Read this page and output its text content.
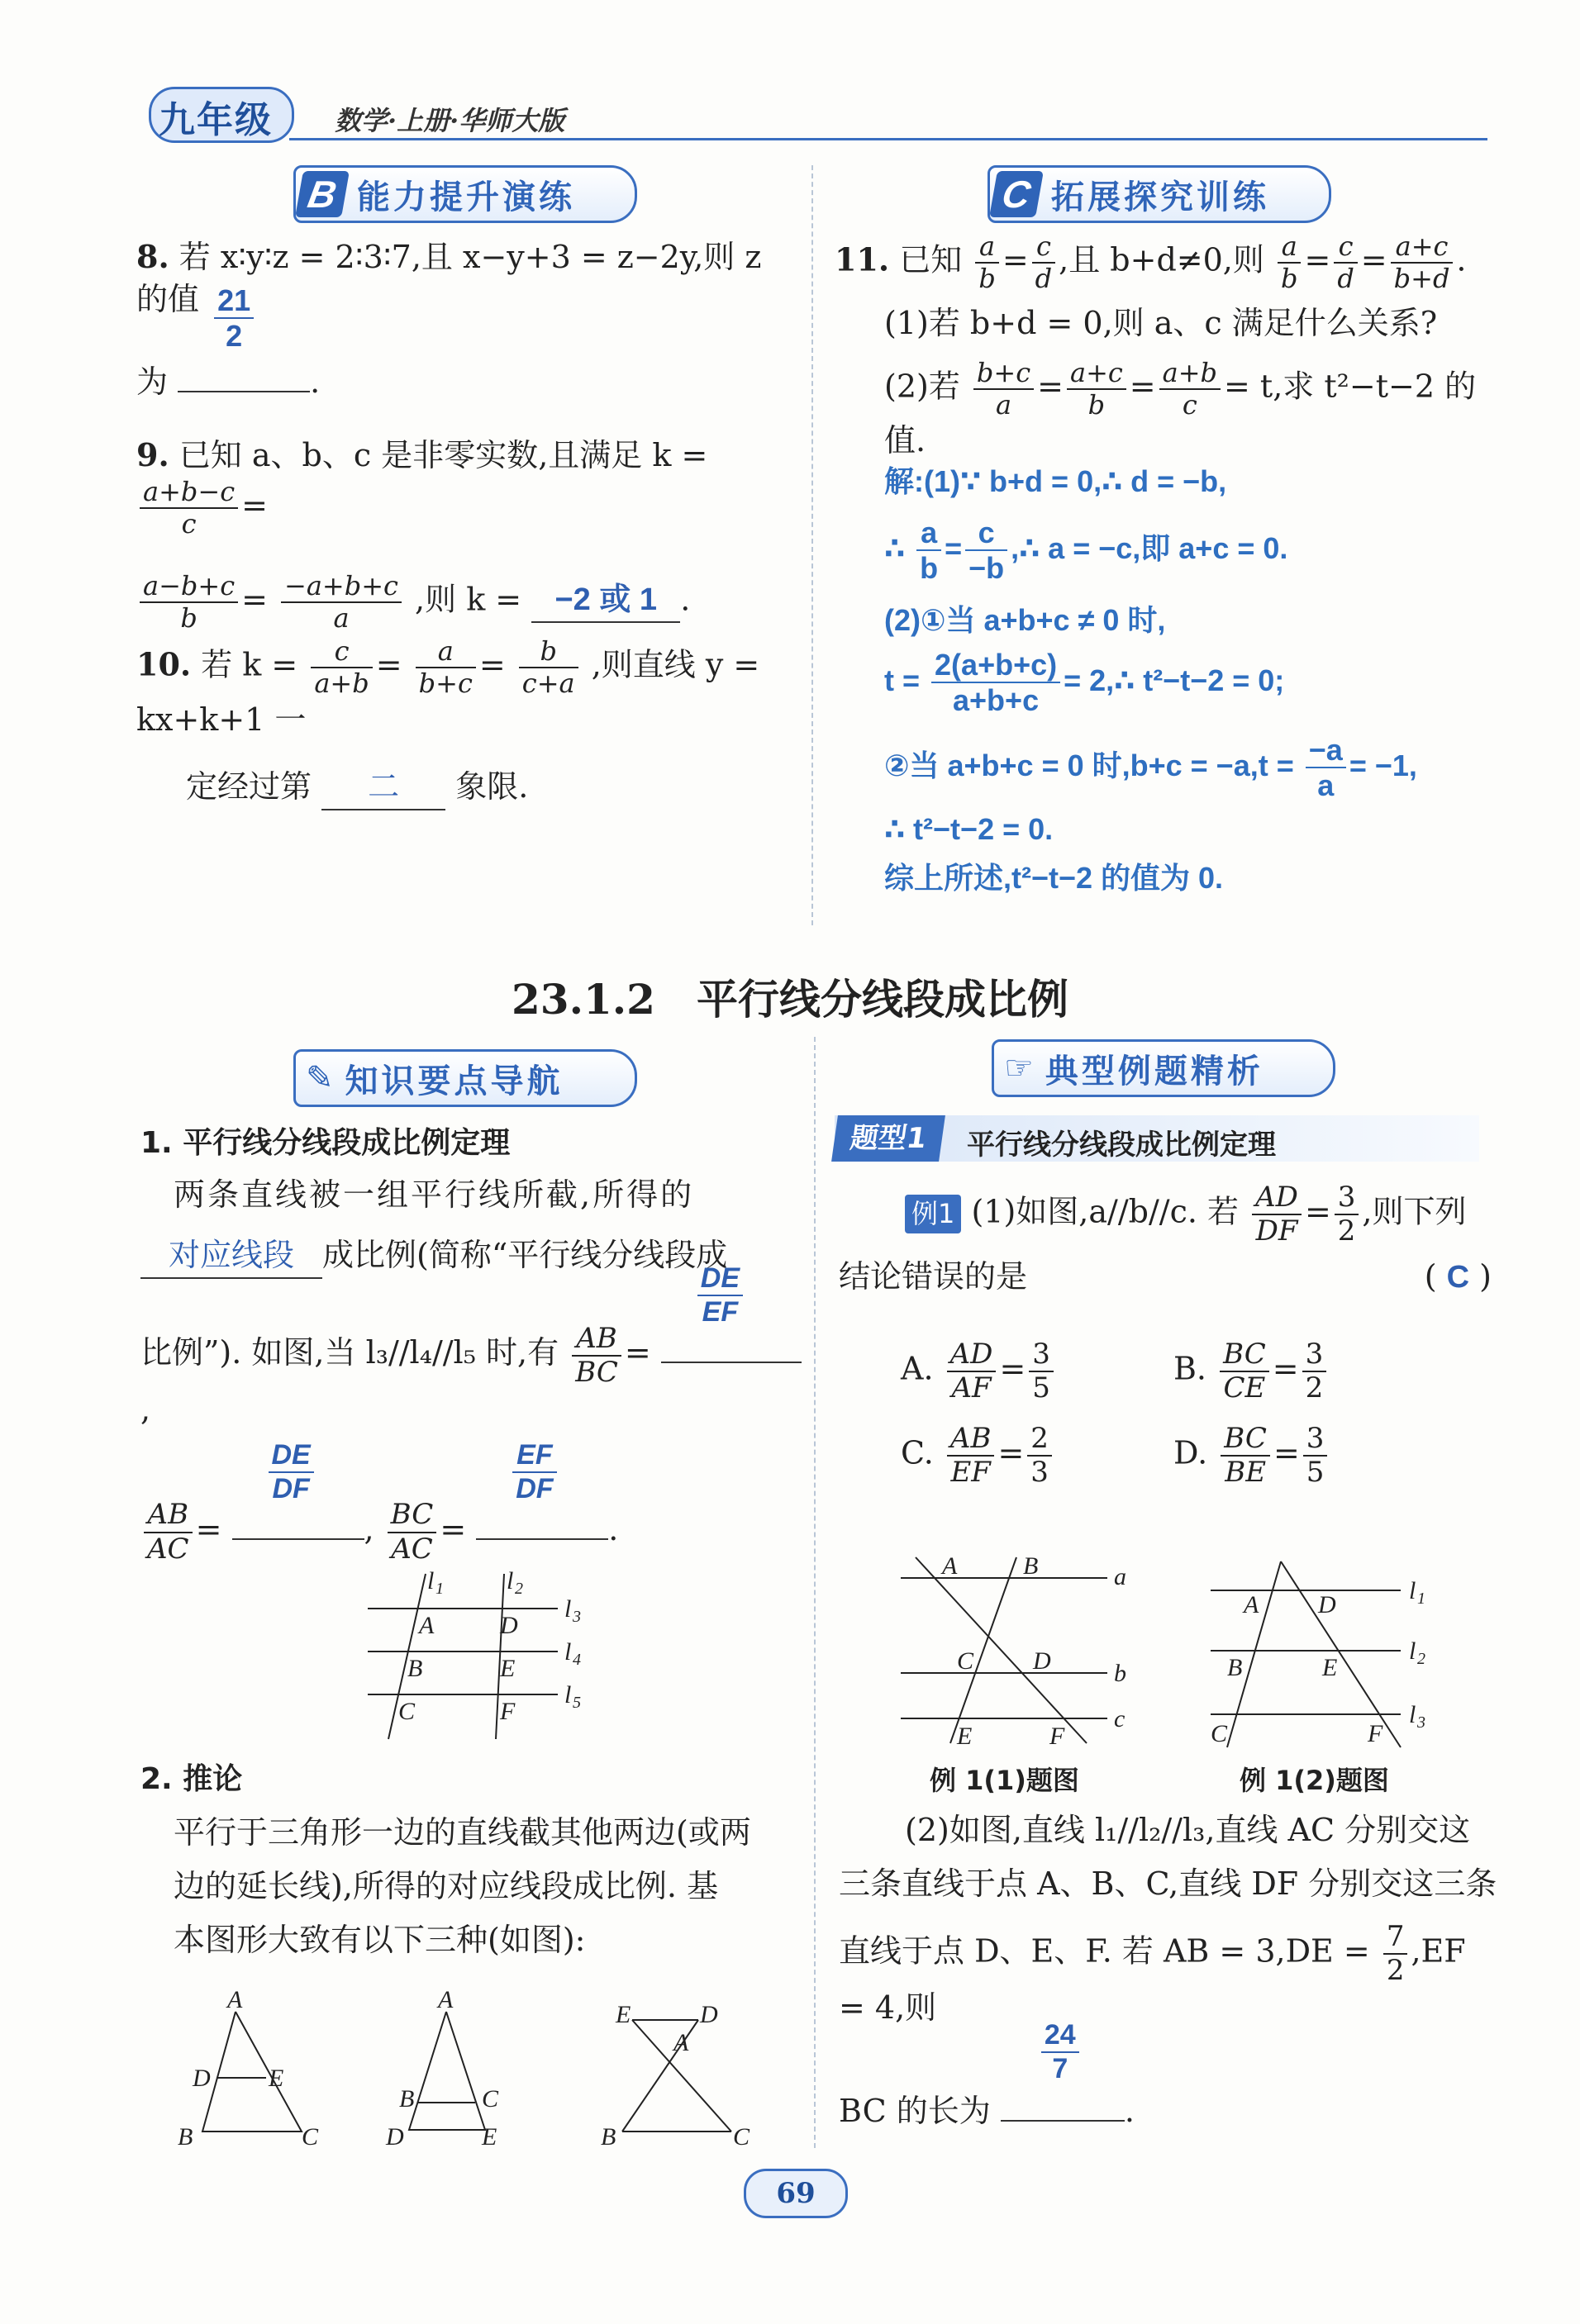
九年级 数学·上册·华师大版
B 能力提升演练	C 拓展探究训练
8. 若 x∶y∶z = 2∶3∶7,且 x−y+3 = z−2y,则 z 的值
为
$\frac{21}{2}$
.
9. 已知 a、b、c 是非零实数,且满足 k =
$\frac{a+b-c}{c}$ =
$\frac{a-b+c}{b} = \frac{-a+b+c}{a}$ ,则 k = −2 或 1 .
10. 若 $k = \frac{c}{a+b} = \frac{a}{b+c} = \frac{b}{c+a}$ ,则直线 y = kx+k+1 一
定经过第 二 象限.
11. 已知 $\frac{a}{b} = \frac{c}{d}$ ,且 b+d≠0,则 $\frac{a}{b} = \frac{c}{d} = \frac{a+c}{b+d}$ .
(1)若 b+d = 0,则 a、c 满足什么关系?
(2)若 $\frac{b+c}{a} = \frac{a+c}{b} = \frac{a+b}{c} = t$,求 t²−t−2 的值.
解:(1)∵ b+d = 0,∴ d = −b,
∴ $\frac{a}{b} = \frac{c}{-b}$ ,∴ a = −c,即 a+c = 0.
(2)①当 a+b+c ≠ 0 时,
$t = \frac{2(a+b+c)}{a+b+c}$ = 2,∴ t²−t−2 = 0;
②当 a+b+c = 0 时$,b+c = -a,t = \frac{-a}{a} = -1$,
∴ t²−t−2 = 0.
综上所述,t²−t−2 的值为 0.
23.1.2　平行线分线段成比例
✎ 知识要点导航	☞ 典型例题精析
1. 平行线分线段成比例定理
两条直线被一组平行线所截,所得的
对应线段 成比例(简称“平行线分线段成
比例”). 如图,当 l₃//l₄//l₅ 时,有 $\frac{AB}{BC}$ =
$\frac{DE}{EF}$
,
$\frac{AB}{AC}$ =
$\frac{DE}{DF}$
, $\frac{BC}{AC}$ =
$\frac{EF}{DF}$
.
l 1	l 2
l 3
l 4
l 5
A	D
B	E
C	F
2. 推论
平行于三角形一边的直线截其他两边(或两
边的延长线),所得的对应线段成比例. 基
本图形大致有以下三种(如图):
A
D E
B	C
A
B	C
D	E
E	D
A
B	C
题型1	平行线分线段成比例定理
例1 (1)如图,a//b//c. 若 $\frac{AD}{DF} = \frac{3}{2}$ ,则下列
结论错误的是	( C )
A. $\frac{AD}{AF} = \frac{3}{5}$	B. $\frac{BC}{CE} = \frac{3}{2}$
C. $\frac{AB}{EF} = \frac{2}{3}$	D. $\frac{BC}{BE} = \frac{3}{5}$
A	B	a
C D	b
E	F
c
例 1(1)题图
A D
l 1
B	E
l 2
C	F
l 3
例 1(2)题图
(2)如图,直线 l₁//l₂//l₃,直线 AC 分别交这
三条直线于点 A、B、C,直线 DF 分别交这三条
直线于点 D、E、F. 若 AB = $3,DE = \frac{7}{2} ,EF = 4$,则
BC 的长为
$\frac{24}{7}$
.
69
